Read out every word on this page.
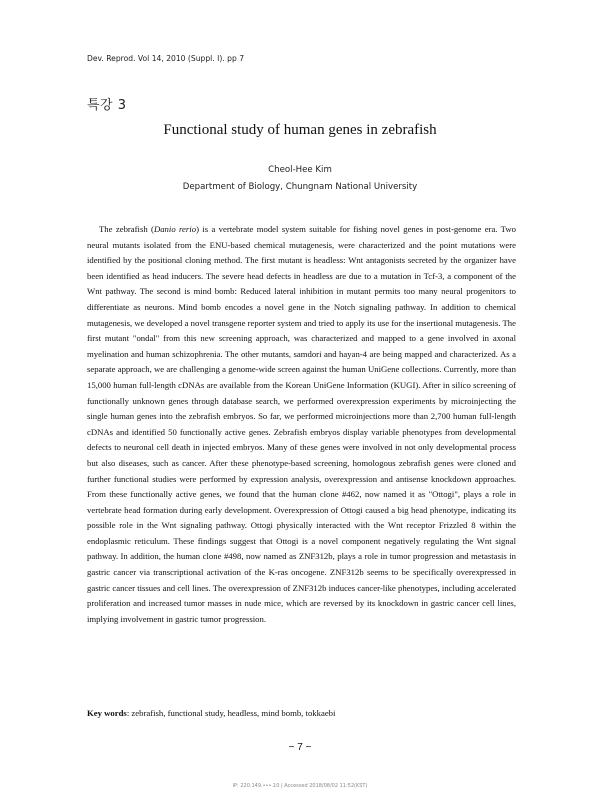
Dev. Reprod. Vol 14, 2010 (Suppl. I). pp 7
특강 3
Functional study of human genes in zebrafish
Cheol-Hee Kim
Department of Biology, Chungnam National University

The zebrafish (Danio rerio) is a vertebrate model system suitable for fishing novel genes in post-genome era. Two neural mutants isolated from the ENU-based chemical mutagenesis, were characterized and the point mutations were identified by the positional cloning method. The first mutant is headless: Wnt antagonists secreted by the organizer have been identified as head inducers. The severe head defects in headless are due to a mutation in Tcf-3, a component of the Wnt pathway. The second is mind bomb: Reduced lateral inhibition in mutant permits too many neural progenitors to differentiate as neurons. Mind bomb encodes a novel gene in the Notch signaling pathway. In addition to chemical mutagenesis, we developed a novel transgene reporter system and tried to apply its use for the insertional mutagenesis. The first mutant "ondal" from this new screening approach, was characterized and mapped to a gene involved in axonal myelination and human schizophrenia. The other mutants, samdori and hayan-4 are being mapped and characterized. As a separate approach, we are challenging a genome-wide screen against the human UniGene collections. Currently, more than 15,000 human full-length cDNAs are available from the Korean UniGene Information (KUGI). After in silico screening of functionally unknown genes through database search, we performed overexpression experiments by microinjecting the single human genes into the zebrafish embryos. So far, we performed microinjections more than 2,700 human full-length cDNAs and identified 50 functionally active genes. Zebrafish embryos display variable phenotypes from developmental defects to neuronal cell death in injected embryos. Many of these genes were involved in not only developmental process but also diseases, such as cancer. After these phenotype-based screening, homologous zebrafish genes were cloned and further functional studies were performed by expression analysis, overexpression and antisense knockdown approaches. From these functionally active genes, we found that the human clone #462, now named it as "Ottogi", plays a role in vertebrate head formation during early development. Overexpression of Ottogi caused a big head phenotype, indicating its possible role in the Wnt signaling pathway. Ottogi physically interacted with the Wnt receptor Frizzled 8 within the endoplasmic reticulum. These findings suggest that Ottogi is a novel component negatively regulating the Wnt signal pathway. In addition, the human clone #498, now named as ZNF312b, plays a role in tumor progression and metastasis in gastric cancer via transcriptional activation of the K-ras oncogene. ZNF312b seems to be specifically overexpressed in gastric cancer tissues and cell lines. The overexpression of ZNF312b induces cancer-like phenotypes, including accelerated proliferation and increased tumor masses in nude mice, which are reversed by its knockdown in gastric cancer cell lines, implying involvement in gastric tumor progression.

Key words: zebrafish, functional study, headless, mind bomb, tokkaebi
− 7 −
IP: 220.149.•••.10 | Accessed 2018/08/02 11:52(KST)
